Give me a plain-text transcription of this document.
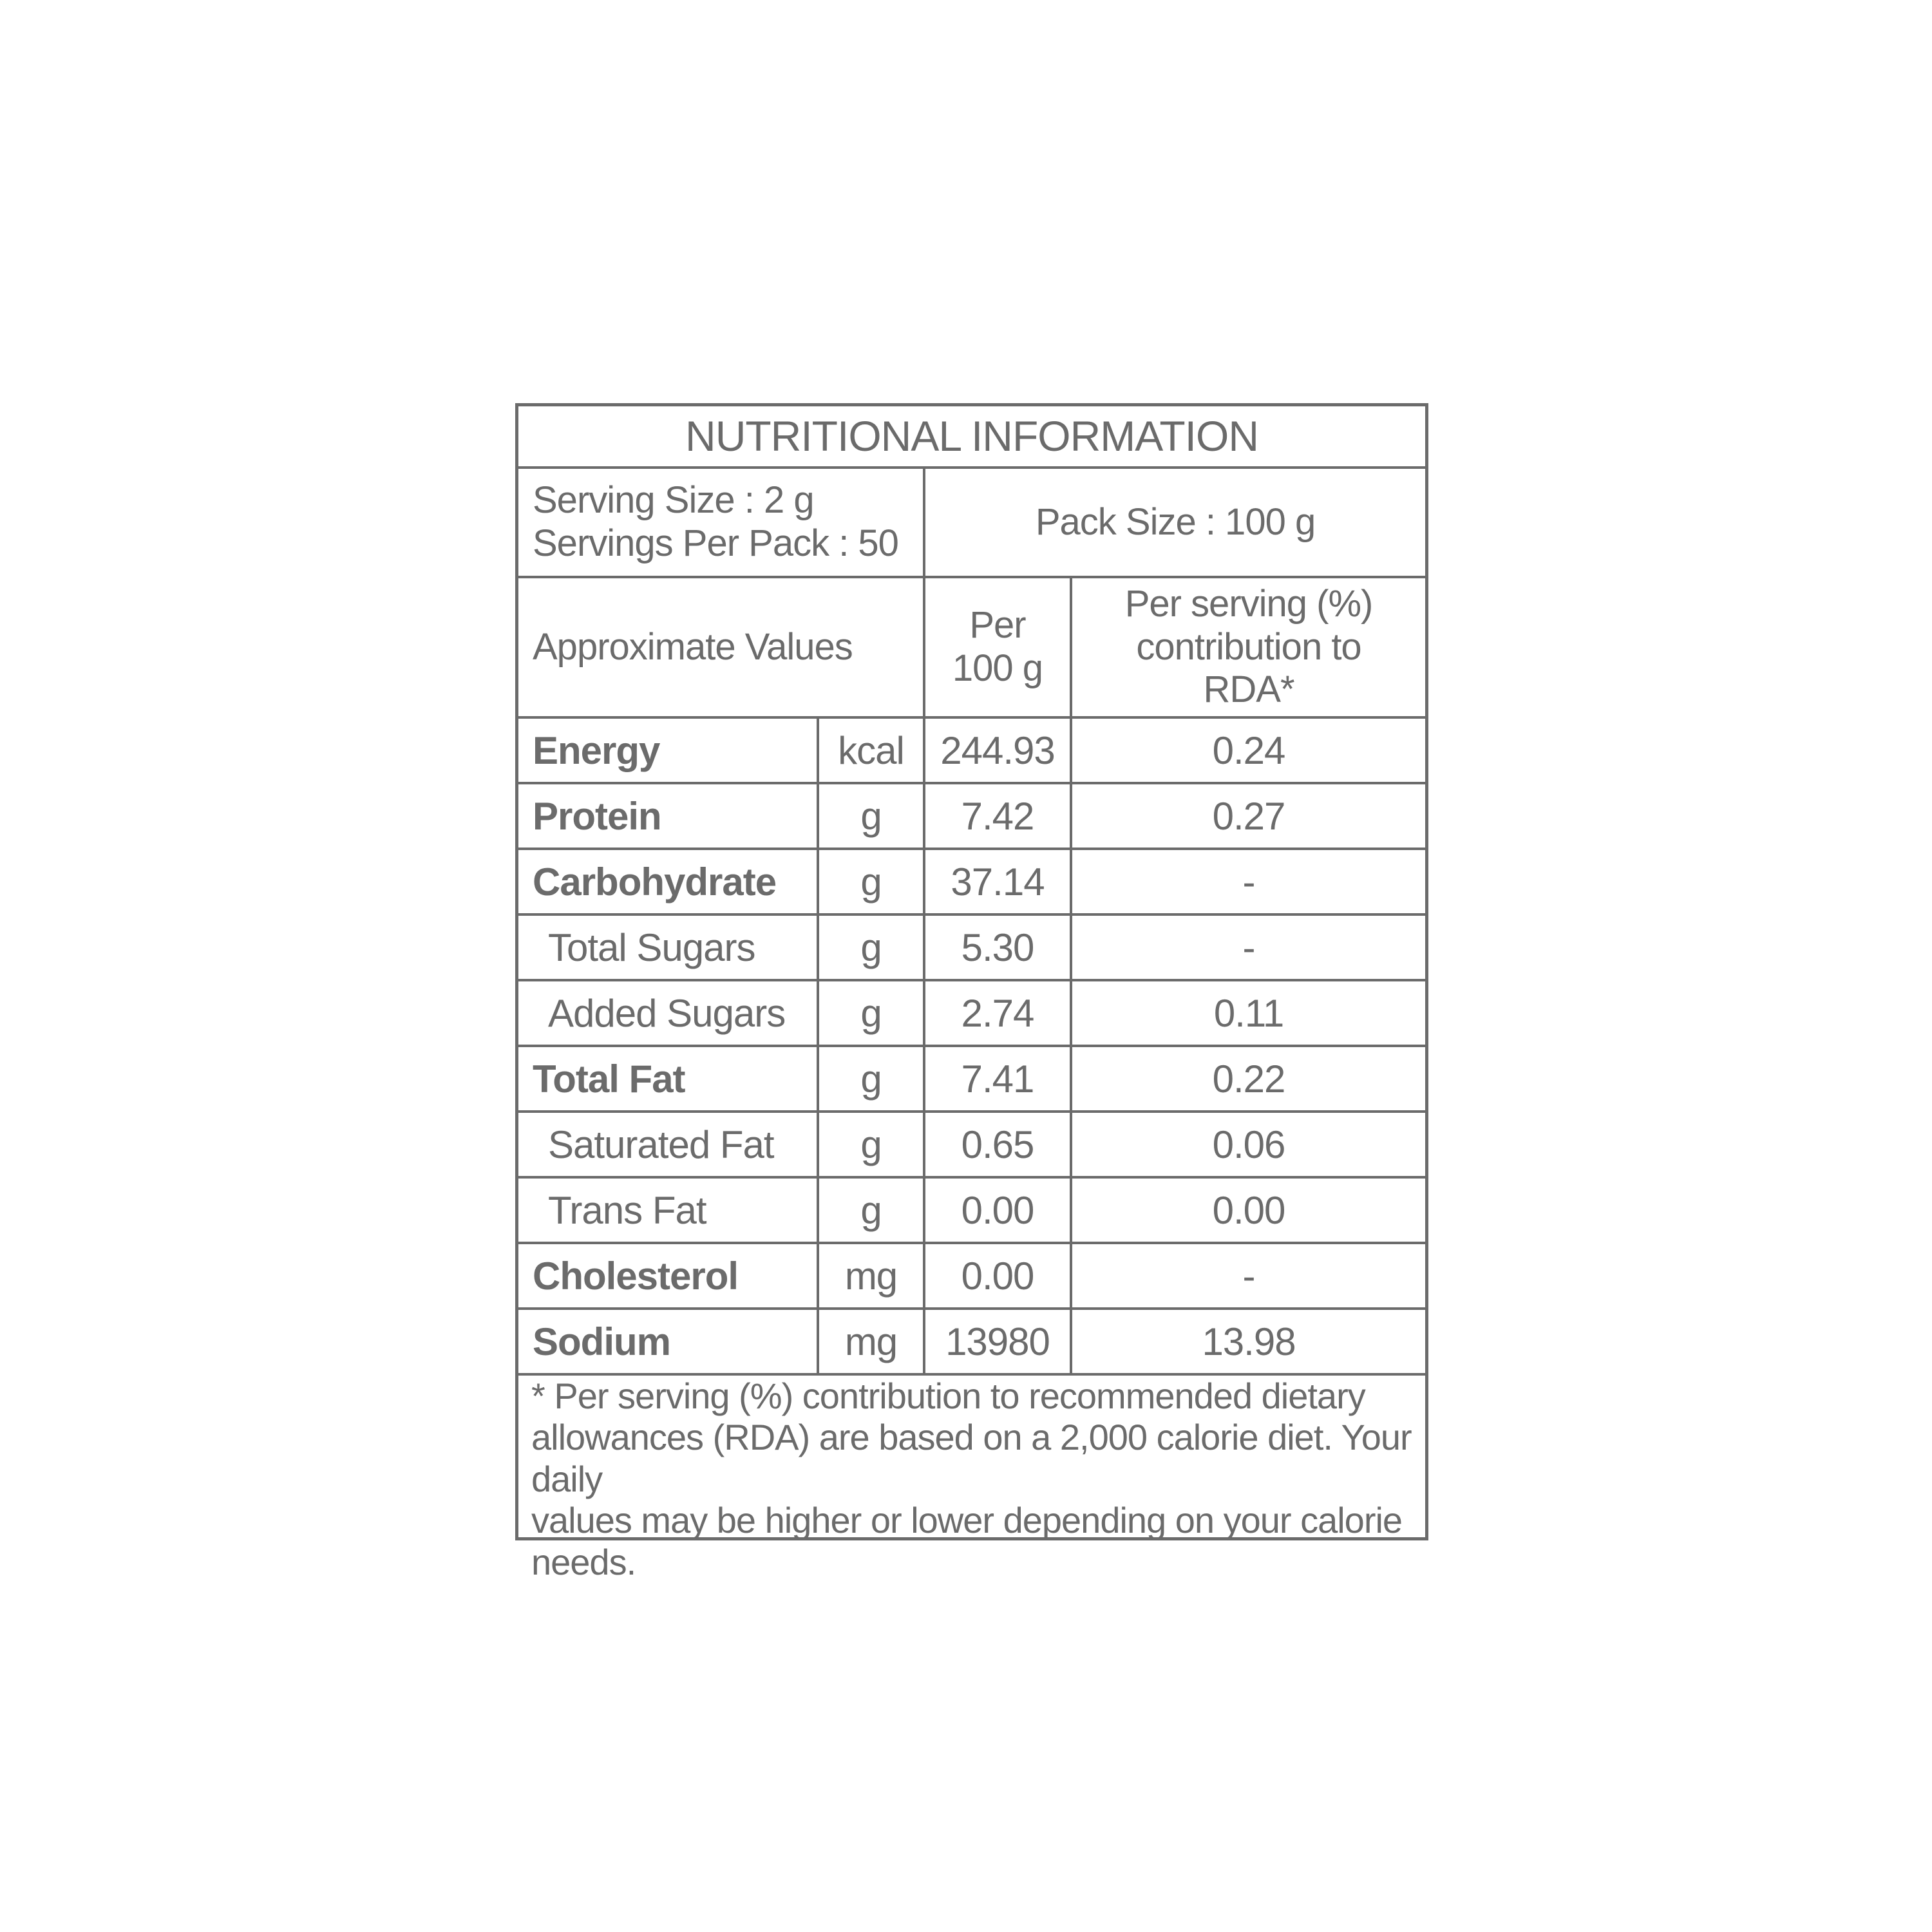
NUTRITIONAL INFORMATION			

Serving Size : 2 g
Servings Per Pack : 50		Pack Size : 100 g	
Approximate Values		Per 100 g	Per serving (%)
contribution to
RDA*

Energy	kcal	244.93	0.24
Protein	g	7.42	0.27
Carbohydrate	g	37.14	-
Total Sugars	g	5.30	-
Added Sugars	g	2.74	0.11
Total Fat	g	7.41	0.22
Saturated Fat	g	0.65	0.06
Trans Fat	g	0.00	0.00
Cholesterol	mg	0.00	-
Sodium	mg	13980	13.98

* Per serving (%) contribution to recommended dietary
allowances (RDA) are based on a 2,000 calorie diet. Your daily
values may be higher or lower depending on your calorie needs.			
